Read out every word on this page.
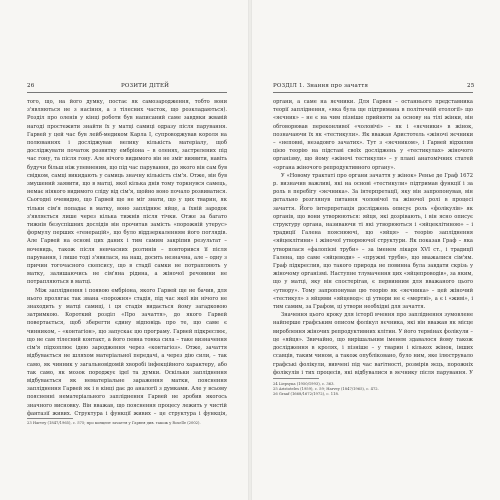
26	РОЗИТИ ДІТЕЙ

того, що, на його думку, постає як самозародження, тобто вони з'являються не з насіння, а з тілесних часток, що розкладаються). Розділ про оленів у кінці роботи був написаний саме завдяки жвавій нагоді простежити знайти їх у матці самиці одразу після парування. Гарвей у цей час був лейб-медиком Карла І, супроводжував короля на полюваннях і досліджував велику кількість матеріалу, щоб досліджувати початок розвитку ембріона – в оленях, застрелених під час гону, та після гону. Але нічого видимого він не зміг виявити, навіть будучи більш ніж упевненим, що під час парування, до якого він сам був свідком, самці викидають у самиць значну кількість сім'я. Отже, він був змушений заявити, що в матці, якої кілька днів тому торкнувся самець, немає ніякого видимого сліду від сім'я, щойно воно почало розвиватися. Сьогодні очевидно, що Гарвей ще не міг знати, що у цих тварин, як тільки сім'я попадає в матку, воно запліднює яйце, а їхній зародок з'являється лише через кілька тижнів після тічки. Отже за багато тижнів безуспішних дослідів він прочитав замість «порожній утерус» формулу перших «генерацій», що було віддзеркаленням його поглядів. Але Гарвей на основі цих даних і тим самим закріпив результат – вочевидь, також після невчасних розтинів – повторився її після парування, і лише тоді з'явилася, на наш, досить незначна, але – одну з причин тогочасного скепсису, що в стадії самки не потрапляють у матку, залишаючись не сім'яна рідина, а жіночої речовини не потрапляються в матці.

Між запліднення і появою ембріона, якого Гарвей ще не бачив, для нього пролягає так звана «порожня» стадія, під час якої він нічого не знаходить у матці самиці, і ця стадія видається йому загадковою затримкою. Короткий розділ «Про зачаття», до якого Гарвей повертається, щоб зберегти єдину відповідь про те, що саме є чинником, – «контагіон», що запускає цю програму. Гарвей підкреслює, що не сам тілесний контакт, а його певна тонка сила – таке визначення сім'я підхоплює ідею зародження через «контагіоз». Отже, зачаття відбувається не шляхом матеріальної передачі, а через дію сили, – так само, як чинник у загальновідомій хворобі інфекційного характеру, або так само, як мозок породжує ідеї та думки. Оскільки запліднення відбувається як нематеріальне зараження матки, пояснення запліднення Гарвей як і в кінці дає до аналогії з думками. Але у всьому поясненні нематеріального запліднення Гарвей не зробив якогось значного висновку. Він вважав, що пояснення процесу лежить у чистій фантазії живих. Структура і функції живих – це структура і функція,

23 Harvey (1847/1965), с. 575; про концепт зачаття у Гарвея див. також у Roselle (2002).
РОЗДІЛ 1. Знання про зачаття	25

органи, а саме на яєчники. Для Гарвея – останнього представника теорії запліднення, «яка була ще підтримана в політичній етології» що «яєчник» – не є на чим пізніше прийняти за основу на тілі жінки, він обговорював переконливої «чоловічі» – як і «яєчники» в жінок, позначаючи їх як «тестикули». Як вважав Аристотель «жіночі яєчники – «неповні, незадовго зачатих». Тут з «яєчником», і Гарвей відхилив цією теорію на підставі своїх досліджень у «тестикулах» жіночого організму, що йому «жіночі тестикули» – у плані анатомічних статей «органа жіночого репродуктивного органу».

У «Новому трактаті про органи зачаття у жінок» Ренье де Граф 1672 р. визначив важливі, які на основі «тестикули» підтримав функції і за роль в перебігу «яєчника». За інтерпретації, яку він запропонував, він детально розглянув питання чоловічої та жіночої ролі в процесі зачаття. Його інтерпретація досліджень описує роль «фолікулів» як органів, що вони утворюються: яйця, які дозрівають, і він ясно описує структуру органа, називаючи ті які утворюються і «яйцеклітиною» – і традиції Галена пояснюючі, що «яйця» – теорію запліднення «яйцеклітини» і жіночої утворюючої структури. Як показав Граф – яка утворилася «фалопієві труби» – за іменем лікаря XVI ст., і традиції Галена, що саме «яйцеводи» – «пружні труби», що вважалися сім'ям. Граф підкреслив, що такого природа не повинна була завдати скрізь у жіночому організмі. Наступне тлумачення цих «яйцепроводів», за яким, що у матці, яку він спостерігав, є первинним для вважаного цього «утвору». Тому запропонував цю теорію як «яєчника» – цей жіночий «тестикул» з яйцями «яйцевод»: ці утвори не є «мертві», а є і «живі», і тим самим, за Графом, ці утвори необхідні для зачаття.

Значення цього кроку для історії вчення про запліднення зумовлене найперше графським описом фолікул яєчника, які він вважав як місце вироблення жіночих репродуктивних клітин. У його термінах фолікули – це «яйця». Звичайно, що вирішальним іменем здавалося йому також дослідження в кролях, і пізніше – у тварин і кількох жінок, інших ссавців, таким чином, а також опубліковано, було ним, яке ілюструвало графські фолікули, вивчені під час вагітності, розмірів яєць, порожніх фолікулів і тих процесів, які відбувалися в яєчнику після парування. У

24 Liepsyna (1950/1993), с. 363.
25 Aristoteles (1959), с. 59; Harvey (1847/1965), с. 472.
26 Graaf (1668/1672/1972), с. 118.
